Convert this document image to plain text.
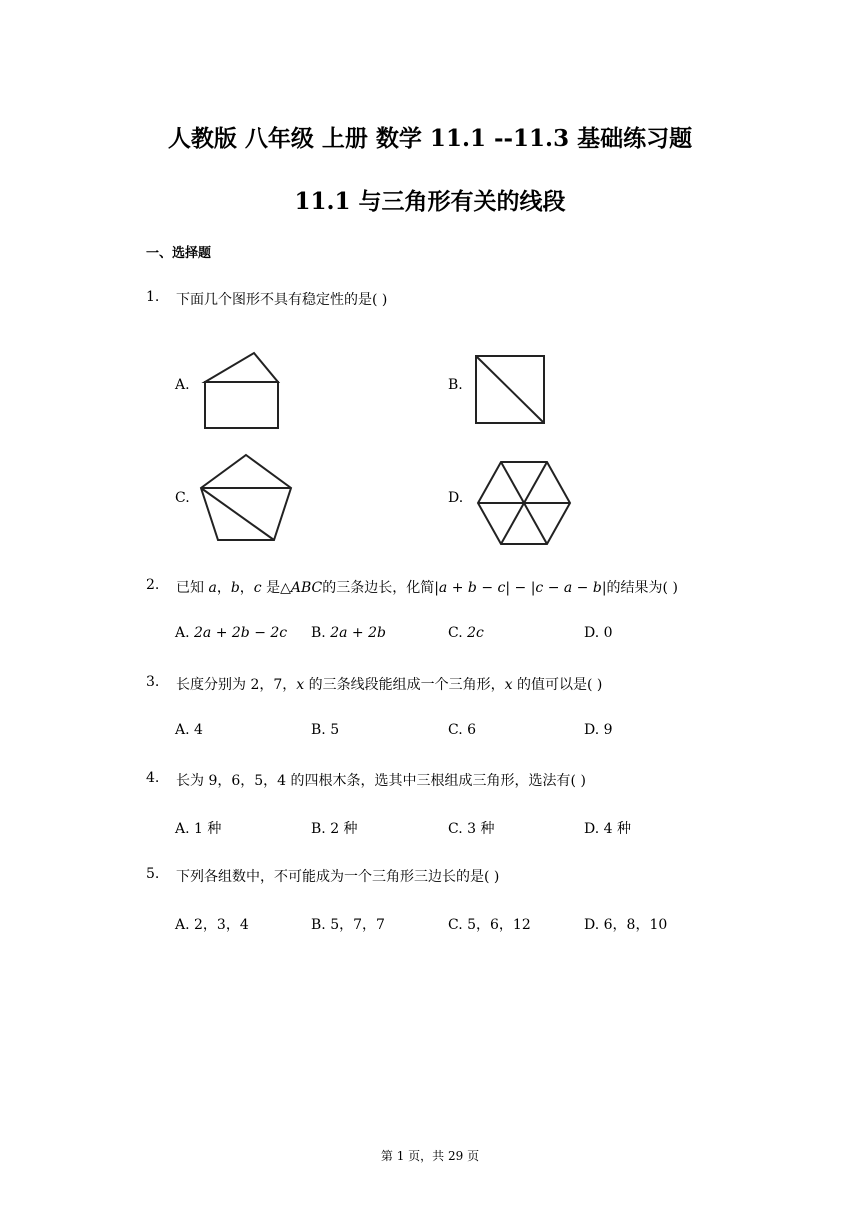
人教版 八年级 上册 数学 11.1 --11.3 基础练习题
11.1 与三角形有关的线段
一、选择题
1. 下面几个图形不具有稳定性的是( )
A.	B.
C.	D.
2. 已知 a，b，c 是△ABC的三条边长，化简|a + b − c| − |c − a − b|的结果为( )
A. 2a + 2b − 2c B. 2a + 2b	C. 2c	D. 0
3. 长度分别为 2，7，x 的三条线段能组成一个三角形，x 的值可以是( )
A. 4	B. 5	C. 6	D. 9
4. 长为 9，6，5，4 的四根木条，选其中三根组成三角形，选法有( )
A. 1 种	B. 2 种	C. 3 种	D. 4 种
5. 下列各组数中，不可能成为一个三角形三边长的是( )
A. 2，3，4	B. 5，7，7	C. 5，6，12	D. 6，8，10
第 1 页，共 29 页
